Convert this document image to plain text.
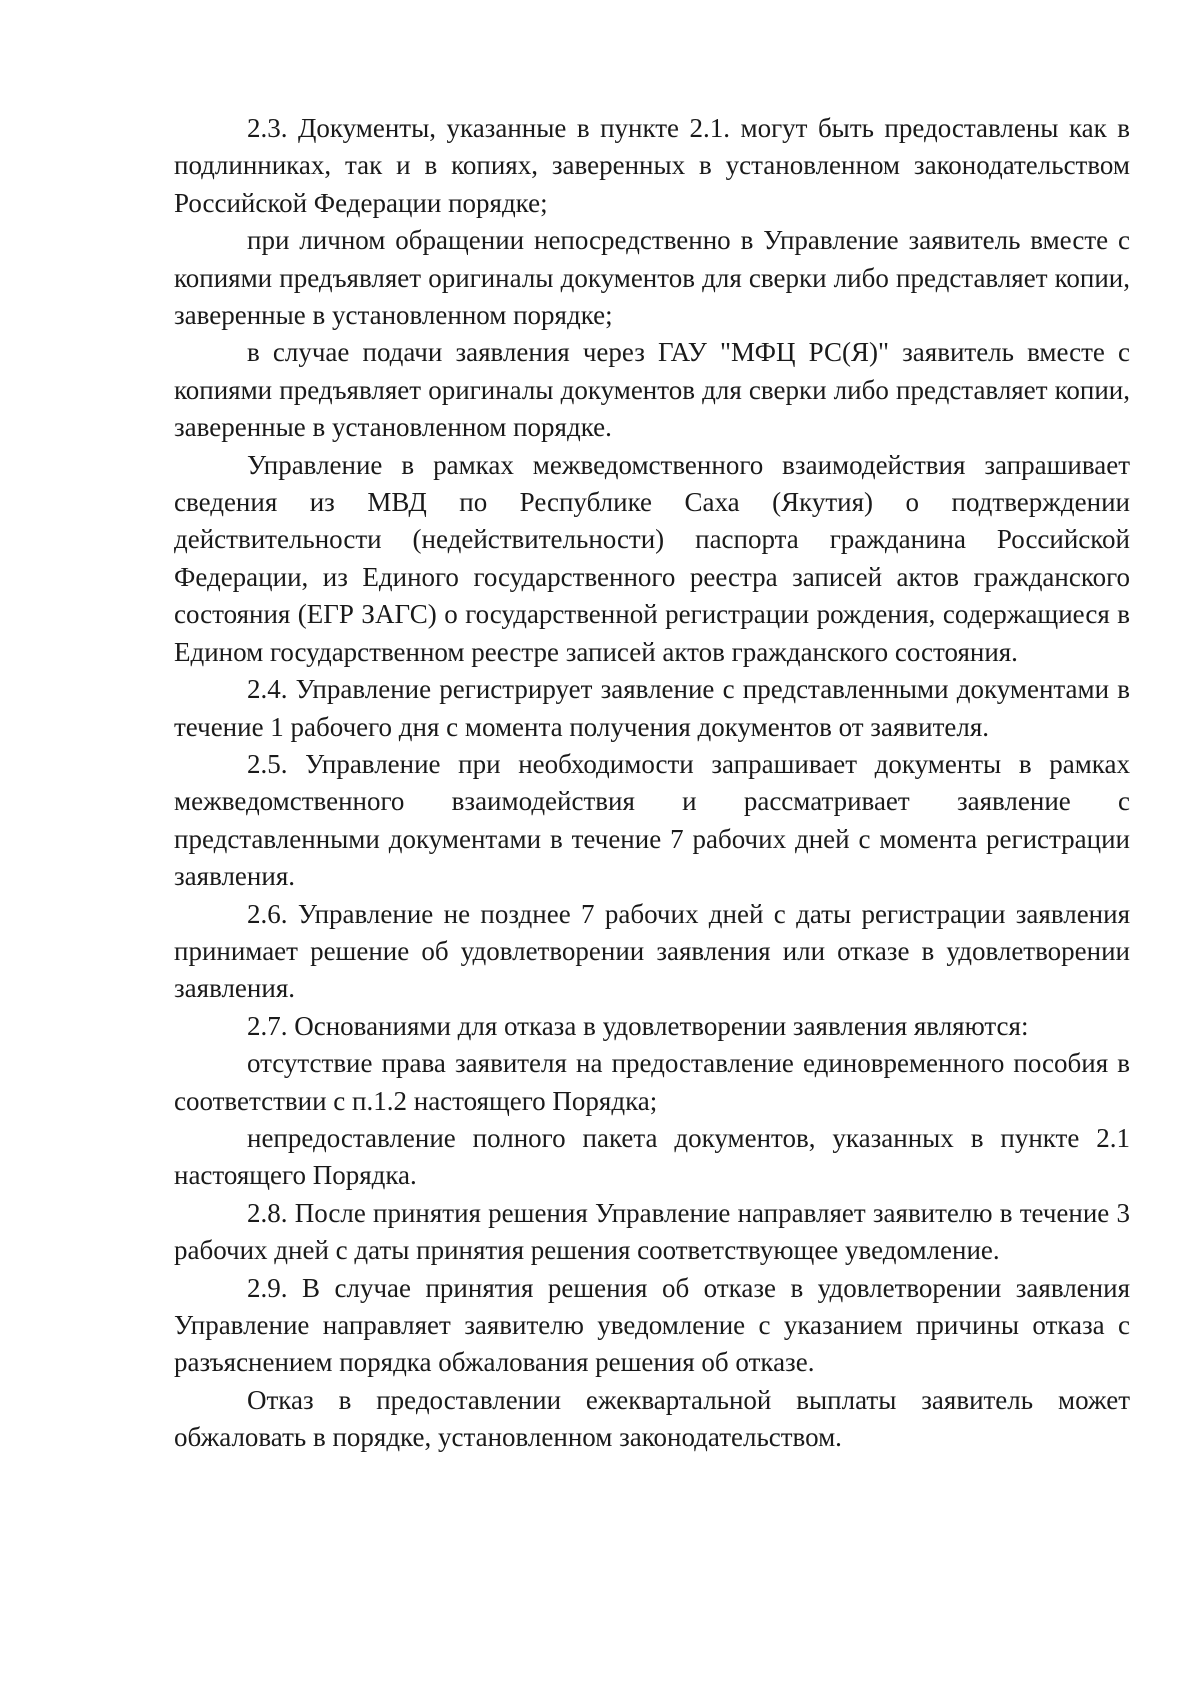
2.3. Документы, указанные в пункте 2.1. могут быть предоставлены как в подлинниках, так и в копиях, заверенных в установленном законодательством Российской Федерации порядке;

при личном обращении непосредственно в Управление заявитель вместе с копиями предъявляет оригиналы документов для сверки либо представляет копии, заверенные в установленном порядке;

в случае подачи заявления через ГАУ "МФЦ РС(Я)" заявитель вместе с копиями предъявляет оригиналы документов для сверки либо представляет копии, заверенные в установленном порядке.

Управление в рамках межведомственного взаимодействия запрашивает сведения из МВД по Республике Саха (Якутия) о подтверждении действительности (недействительности) паспорта гражданина Российской Федерации, из Единого государственного реестра записей актов гражданского состояния (ЕГР ЗАГС) о государственной регистрации рождения, содержащиеся в Едином государственном реестре записей актов гражданского состояния.

2.4. Управление регистрирует заявление с представленными документами в течение 1 рабочего дня с момента получения документов от заявителя.

2.5. Управление при необходимости запрашивает документы в рамках межведомственного взаимодействия и рассматривает заявление с представленными документами в течение 7 рабочих дней с момента регистрации заявления.

2.6. Управление не позднее 7 рабочих дней с даты регистрации заявления принимает решение об удовлетворении заявления или отказе в удовлетворении заявления.

2.7. Основаниями для отказа в удовлетворении заявления являются:

отсутствие права заявителя на предоставление единовременного пособия в соответствии с п.1.2 настоящего Порядка;

непредоставление полного пакета документов, указанных в пункте 2.1 настоящего Порядка.

2.8. После принятия решения Управление направляет заявителю в течение 3 рабочих дней с даты принятия решения соответствующее уведомление.

2.9. В случае принятия решения об отказе в удовлетворении заявления Управление направляет заявителю уведомление с указанием причины отказа с разъяснением порядка обжалования решения об отказе.

Отказ в предоставлении ежеквартальной выплаты заявитель может обжаловать в порядке, установленном законодательством.
